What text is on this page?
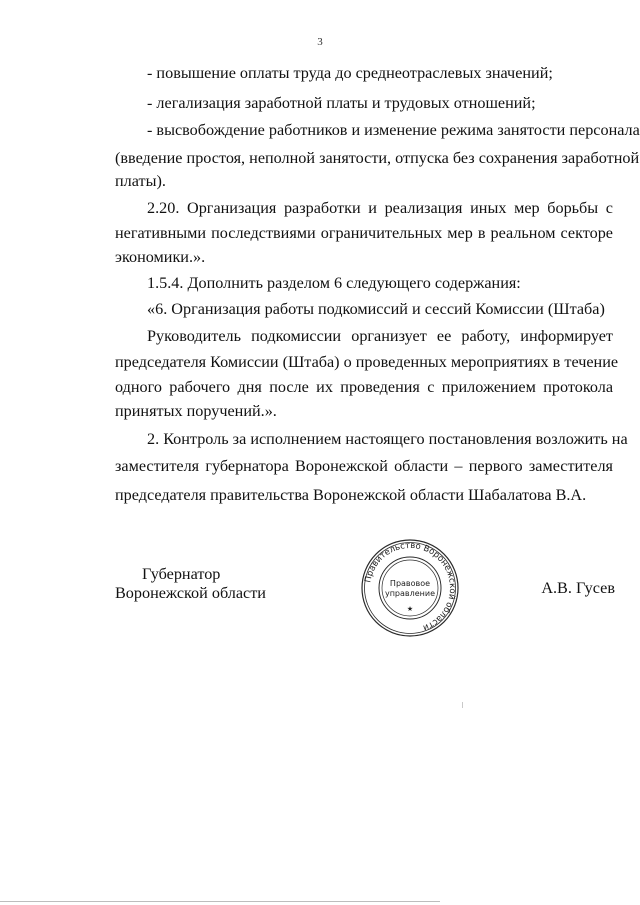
3
- повышение оплаты труда до среднеотраслевых значений;
- легализация заработной платы и трудовых отношений;
- высвобождение работников и изменение режима занятости персонала
(введение простоя, неполной занятости, отпуска без сохранения заработной
платы).
2.20. Организация разработки и реализация иных мер борьбы с
негативными последствиями ограничительных мер в реальном секторе
экономики.».
1.5.4. Дополнить разделом 6 следующего содержания:
«6. Организация работы подкомиссий и сессий Комиссии (Штаба)
Руководитель подкомиссии организует ее работу, информирует
председателя Комиссии (Штаба) о проведенных мероприятиях в течение
одного рабочего дня после их проведения с приложением протокола
принятых поручений.».
2. Контроль за исполнением настоящего постановления возложить на
заместителя губернатора Воронежской области – первого заместителя
председателя правительства Воронежской области Шабалатова В.А.
Губернатор
Воронежской области
Правительство Воронежской области
Правовое
управление
★
А.В. Гусев
